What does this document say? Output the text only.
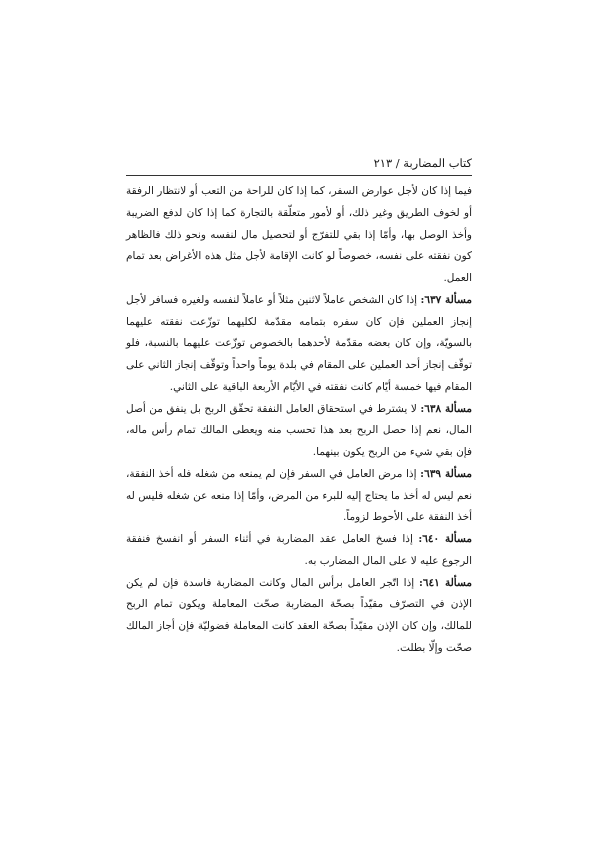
كتاب المضاربة / ٢١٣

فيما إذا كان لأجل عوارض السفر، كما إذا كان للراحة من التعب أو لانتظار الرفقة أو لخوف الطريق وغير ذلك، أو لأمور متعلّقة بالتجارة كما إذا كان لدفع الضريبة وأخذ الوصل بها، وأمّا إذا بقي للتفرّج أو لتحصيل مال لنفسه ونحو ذلك فالظاهر كون نفقته على نفسه، خصوصاً لو كانت الإقامة لأجل مثل هذه الأغراض بعد تمام العمل.

مسألة ٦٣٧: إذا كان الشخص عاملاً لاثنين مثلاً أو عاملاً لنفسه ولغيره فسافر لأجل إنجاز العملين فإن كان سفره بتمامه مقدّمة لكليهما توزّعت نفقته عليهما بالسويّة، وإن كان بعضه مقدّمة لأحدهما بالخصوص توزّعت عليهما بالنسبة، فلو توقّف إنجاز أحد العملين على المقام في بلدة يوماً واحداً وتوقّف إنجاز الثاني على المقام فيها خمسة أيّام كانت نفقته في الأيّام الأربعة الباقية على الثاني.

مسألة ٦٣٨: لا يشترط في استحقاق العامل النفقة تحقّق الربح بل ينفق من أصل المال، نعم إذا حصل الربح بعد هذا تحسب منه ويعطى المالك تمام رأس ماله، فإن بقي شيء من الربح يكون بينهما.

مسألة ٦٣٩: إذا مرض العامل في السفر فإن لم يمنعه من شغله فله أخذ النفقة، نعم ليس له أخذ ما يحتاج إليه للبرء من المرض، وأمّا إذا منعه عن شغله فليس له أخذ النفقة على الأحوط لزوماً.

مسألة ٦٤٠: إذا فسخ العامل عقد المضاربة في أثناء السفر أو انفسخ فنفقة الرجوع عليه لا على المال المضارب به.

مسألة ٦٤١: إذا اتّجر العامل برأس المال وكانت المضاربة فاسدة فإن لم يكن الإذن في التصرّف مقيّداً بصحّة المضاربة صحّت المعاملة ويكون تمام الربح للمالك، وإن كان الإذن مقيّداً بصحّة العقد كانت المعاملة فضوليّة فإن أجاز المالك صحّت وإلّا بطلت.
